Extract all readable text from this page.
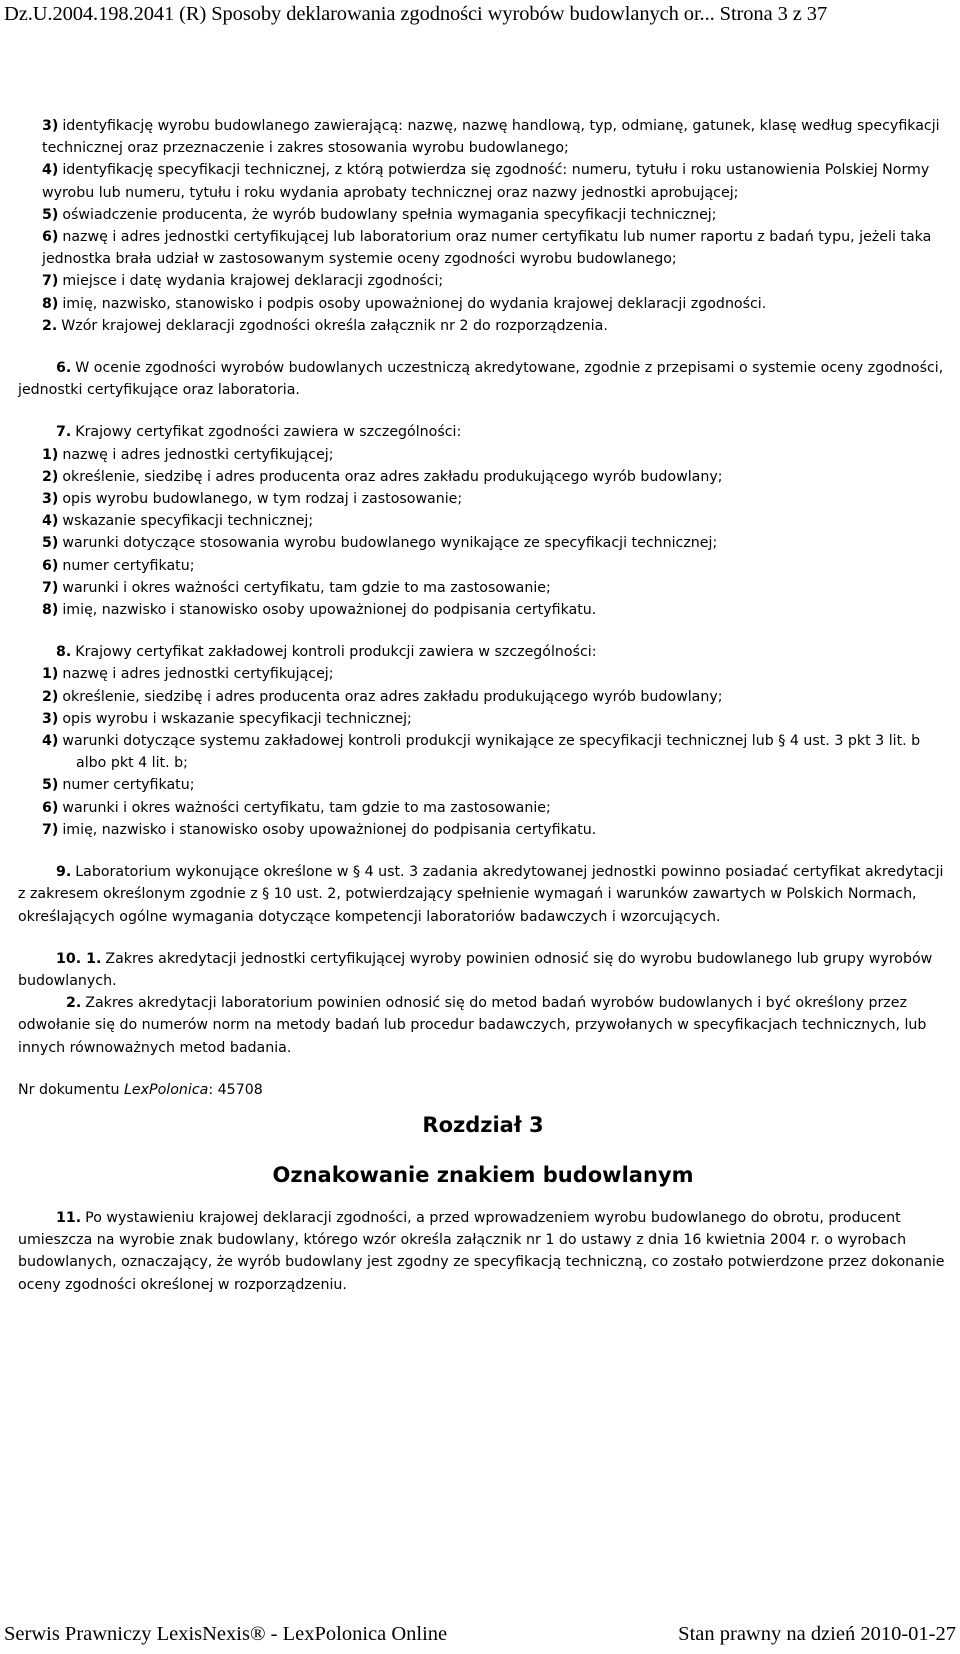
Dz.U.2004.198.2041 (R) Sposoby deklarowania zgodności wyrobów budowlanych or... Strona 3 z 37

3) identyfikację wyrobu budowlanego zawierającą: nazwę, nazwę handlową, typ, odmianę, gatunek, klasę według specyfikacji technicznej oraz przeznaczenie i zakres stosowania wyrobu budowlanego;

4) identyfikację specyfikacji technicznej, z którą potwierdza się zgodność: numeru, tytułu i roku ustanowienia Polskiej Normy wyrobu lub numeru, tytułu i roku wydania aprobaty technicznej oraz nazwy jednostki aprobującej;

5) oświadczenie producenta, że wyrób budowlany spełnia wymagania specyfikacji technicznej;

6) nazwę i adres jednostki certyfikującej lub laboratorium oraz numer certyfikatu lub numer raportu z badań typu, jeżeli taka jednostka brała udział w zastosowanym systemie oceny zgodności wyrobu budowlanego;

7) miejsce i datę wydania krajowej deklaracji zgodności;

8) imię, nazwisko, stanowisko i podpis osoby upoważnionej do wydania krajowej deklaracji zgodności.

2. Wzór krajowej deklaracji zgodności określa załącznik nr 2 do rozporządzenia.

6. W ocenie zgodności wyrobów budowlanych uczestniczą akredytowane, zgodnie z przepisami o systemie oceny zgodności, jednostki certyfikujące oraz laboratoria.

7. Krajowy certyfikat zgodności zawiera w szczególności:

1) nazwę i adres jednostki certyfikującej;

2) określenie, siedzibę i adres producenta oraz adres zakładu produkującego wyrób budowlany;

3) opis wyrobu budowlanego, w tym rodzaj i zastosowanie;

4) wskazanie specyfikacji technicznej;

5) warunki dotyczące stosowania wyrobu budowlanego wynikające ze specyfikacji technicznej;

6) numer certyfikatu;

7) warunki i okres ważności certyfikatu, tam gdzie to ma zastosowanie;

8) imię, nazwisko i stanowisko osoby upoważnionej do podpisania certyfikatu.

8. Krajowy certyfikat zakładowej kontroli produkcji zawiera w szczególności:

1) nazwę i adres jednostki certyfikującej;

2) określenie, siedzibę i adres producenta oraz adres zakładu produkującego wyrób budowlany;

3) opis wyrobu i wskazanie specyfikacji technicznej;

4) warunki dotyczące systemu zakładowej kontroli produkcji wynikające ze specyfikacji technicznej lub § 4 ust. 3 pkt 3 lit. b albo pkt 4 lit. b;

5) numer certyfikatu;

6) warunki i okres ważności certyfikatu, tam gdzie to ma zastosowanie;

7) imię, nazwisko i stanowisko osoby upoważnionej do podpisania certyfikatu.

9. Laboratorium wykonujące określone w § 4 ust. 3 zadania akredytowanej jednostki powinno posiadać certyfikat akredytacji z zakresem określonym zgodnie z § 10 ust. 2, potwierdzający spełnienie wymagań i warunków zawartych w Polskich Normach, określających ogólne wymagania dotyczące kompetencji laboratoriów badawczych i wzorcujących.

10. 1. Zakres akredytacji jednostki certyfikującej wyroby powinien odnosić się do wyrobu budowlanego lub grupy wyrobów budowlanych.

2. Zakres akredytacji laboratorium powinien odnosić się do metod badań wyrobów budowlanych i być określony przez odwołanie się do numerów norm na metody badań lub procedur badawczych, przywołanych w specyfikacjach technicznych, lub innych równoważnych metod badania.

Nr dokumentu LexPolonica: 45708

Rozdział 3

Oznakowanie znakiem budowlanym

11. Po wystawieniu krajowej deklaracji zgodności, a przed wprowadzeniem wyrobu budowlanego do obrotu, producent umieszcza na wyrobie znak budowlany, którego wzór określa załącznik nr 1 do ustawy z dnia 16 kwietnia 2004 r. o wyrobach budowlanych, oznaczający, że wyrób budowlany jest zgodny ze specyfikacją techniczną, co zostało potwierdzone przez dokonanie oceny zgodności określonej w rozporządzeniu.

Serwis Prawniczy LexisNexis® - LexPolonica Online	Stan prawny na dzień 2010-01-27
